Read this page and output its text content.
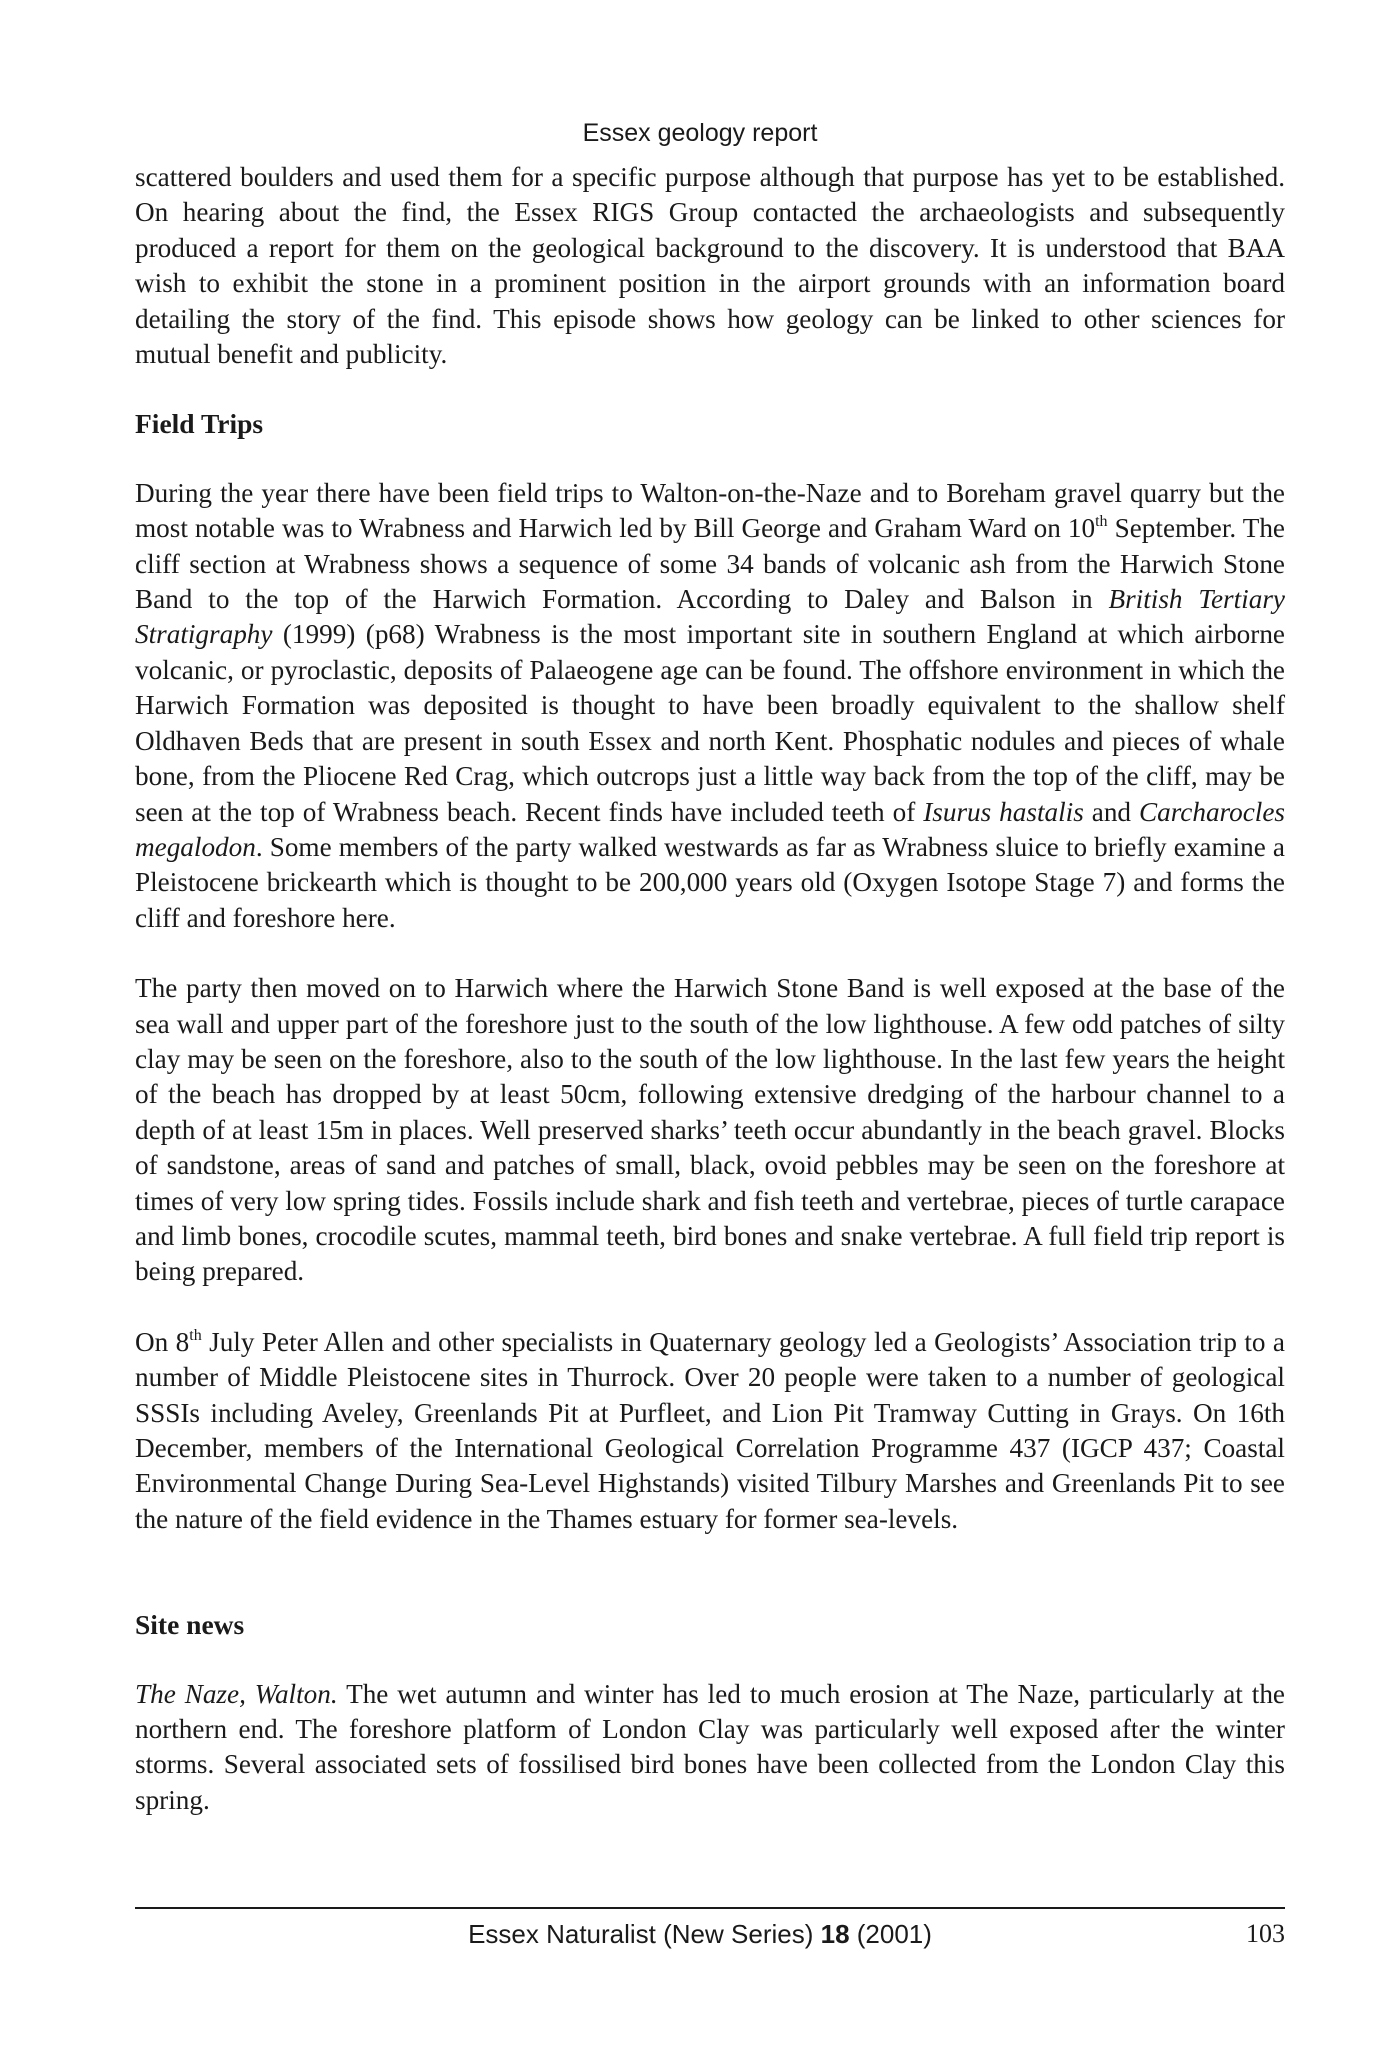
Essex geology report

scattered boulders and used them for a specific purpose although that purpose has yet to be established. On hearing about the find, the Essex RIGS Group contacted the archaeologists and subsequently produced a report for them on the geological background to the discovery. It is understood that BAA wish to exhibit the stone in a prominent position in the airport grounds with an information board detailing the story of the find. This episode shows how geology can be linked to other sciences for mutual benefit and publicity.

Field Trips

During the year there have been field trips to Walton-on-the-Naze and to Boreham gravel quarry but the most notable was to Wrabness and Harwich led by Bill George and Graham Ward on 10th September. The cliff section at Wrabness shows a sequence of some 34 bands of volcanic ash from the Harwich Stone Band to the top of the Harwich Formation. According to Daley and Balson in British Tertiary Stratigraphy (1999) (p68) Wrabness is the most important site in southern England at which airborne volcanic, or pyroclastic, deposits of Palaeogene age can be found. The offshore environment in which the Harwich Formation was deposited is thought to have been broadly equivalent to the shallow shelf Oldhaven Beds that are present in south Essex and north Kent. Phosphatic nodules and pieces of whale bone, from the Pliocene Red Crag, which outcrops just a little way back from the top of the cliff, may be seen at the top of Wrabness beach. Recent finds have included teeth of Isurus hastalis and Carcharocles megalodon. Some members of the party walked westwards as far as Wrabness sluice to briefly examine a Pleistocene brickearth which is thought to be 200,000 years old (Oxygen Isotope Stage 7) and forms the cliff and foreshore here.

The party then moved on to Harwich where the Harwich Stone Band is well exposed at the base of the sea wall and upper part of the foreshore just to the south of the low lighthouse. A few odd patches of silty clay may be seen on the foreshore, also to the south of the low lighthouse. In the last few years the height of the beach has dropped by at least 50cm, following extensive dredging of the harbour channel to a depth of at least 15m in places. Well preserved sharks’ teeth occur abundantly in the beach gravel. Blocks of sandstone, areas of sand and patches of small, black, ovoid pebbles may be seen on the foreshore at times of very low spring tides. Fossils include shark and fish teeth and vertebrae, pieces of turtle carapace and limb bones, crocodile scutes, mammal teeth, bird bones and snake vertebrae. A full field trip report is being prepared.

On 8th July Peter Allen and other specialists in Quaternary geology led a Geologists’ Association trip to a number of Middle Pleistocene sites in Thurrock. Over 20 people were taken to a number of geological SSSIs including Aveley, Greenlands Pit at Purfleet, and Lion Pit Tramway Cutting in Grays. On 16th December, members of the International Geological Correlation Programme 437 (IGCP 437; Coastal Environmental Change During Sea-Level Highstands) visited Tilbury Marshes and Greenlands Pit to see the nature of the field evidence in the Thames estuary for former sea-levels.

Site news

The Naze, Walton. The wet autumn and winter has led to much erosion at The Naze, particularly at the northern end. The foreshore platform of London Clay was particularly well exposed after the winter storms. Several associated sets of fossilised bird bones have been collected from the London Clay this spring.

Essex Naturalist (New Series) 18 (2001)	103
